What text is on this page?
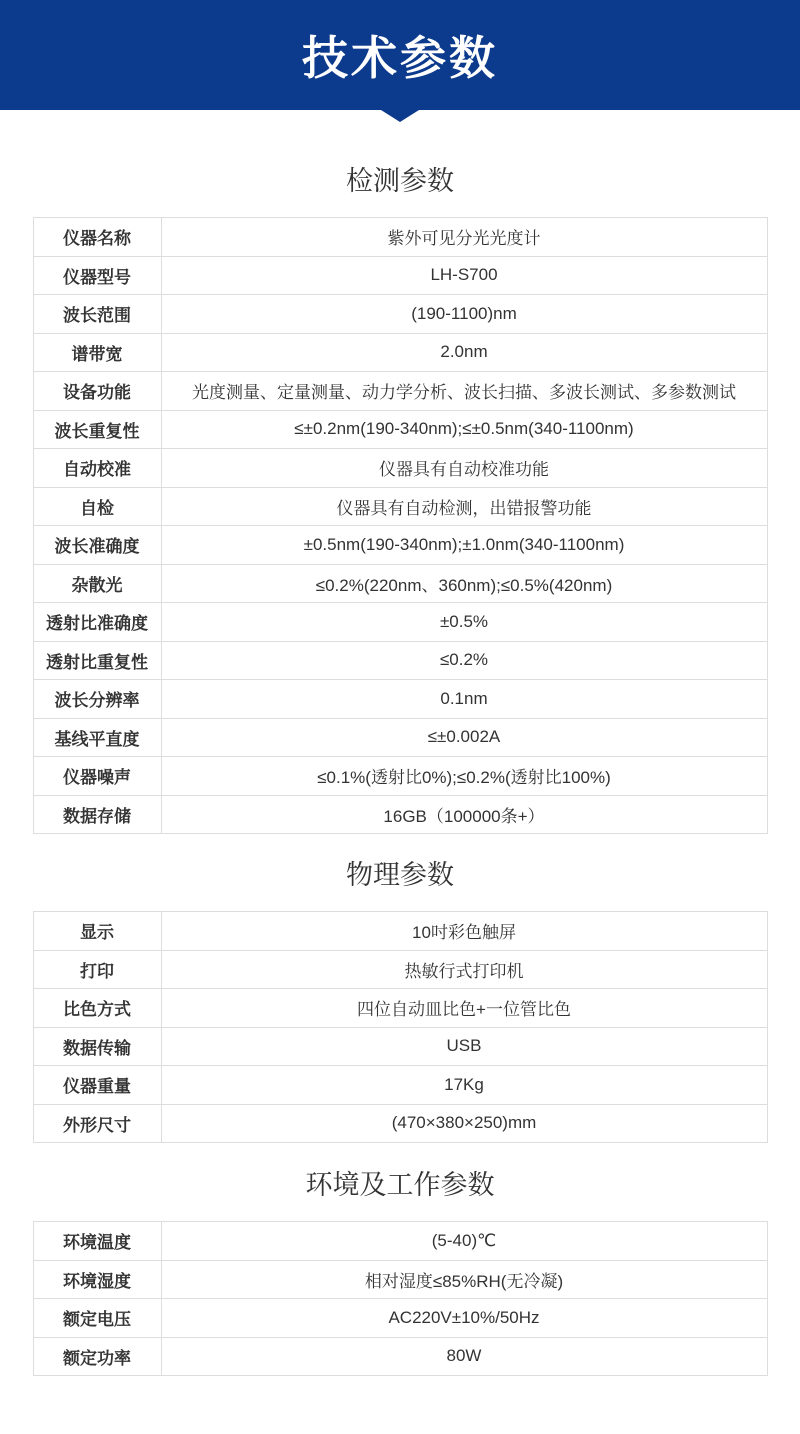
技术参数
检测参数
仪器名称	紫外可见分光光度计
仪器型号	LH-S700
波长范围	(190-1100)nm
谱带宽	2.0nm
设备功能	光度测量、定量测量、动力学分析、波长扫描、多波长测试、多参数测试
波长重复性	≤±0.2nm(190-340nm);≤±0.5nm(340-1100nm)
自动校准	仪器具有自动校准功能
自检	仪器具有自动检测，出错报警功能
波长准确度	±0.5nm(190-340nm);±1.0nm(340-1100nm)
杂散光	≤0.2%(220nm、360nm);≤0.5%(420nm)
透射比准确度	±0.5%
透射比重复性	≤0.2%
波长分辨率	0.1nm
基线平直度	≤±0.002A
仪器噪声	≤0.1%(透射比0%);≤0.2%(透射比100%)
数据存储	16GB（100000条+）
物理参数
显示	10吋彩色触屏
打印	热敏行式打印机
比色方式	四位自动皿比色+一位管比色
数据传输	USB
仪器重量	17Kg
外形尺寸	(470×380×250)mm
环境及工作参数
环境温度	(5-40)℃
环境湿度	相对湿度≤85%RH(无冷凝)
额定电压	AC220V±10%/50Hz
额定功率	80W
